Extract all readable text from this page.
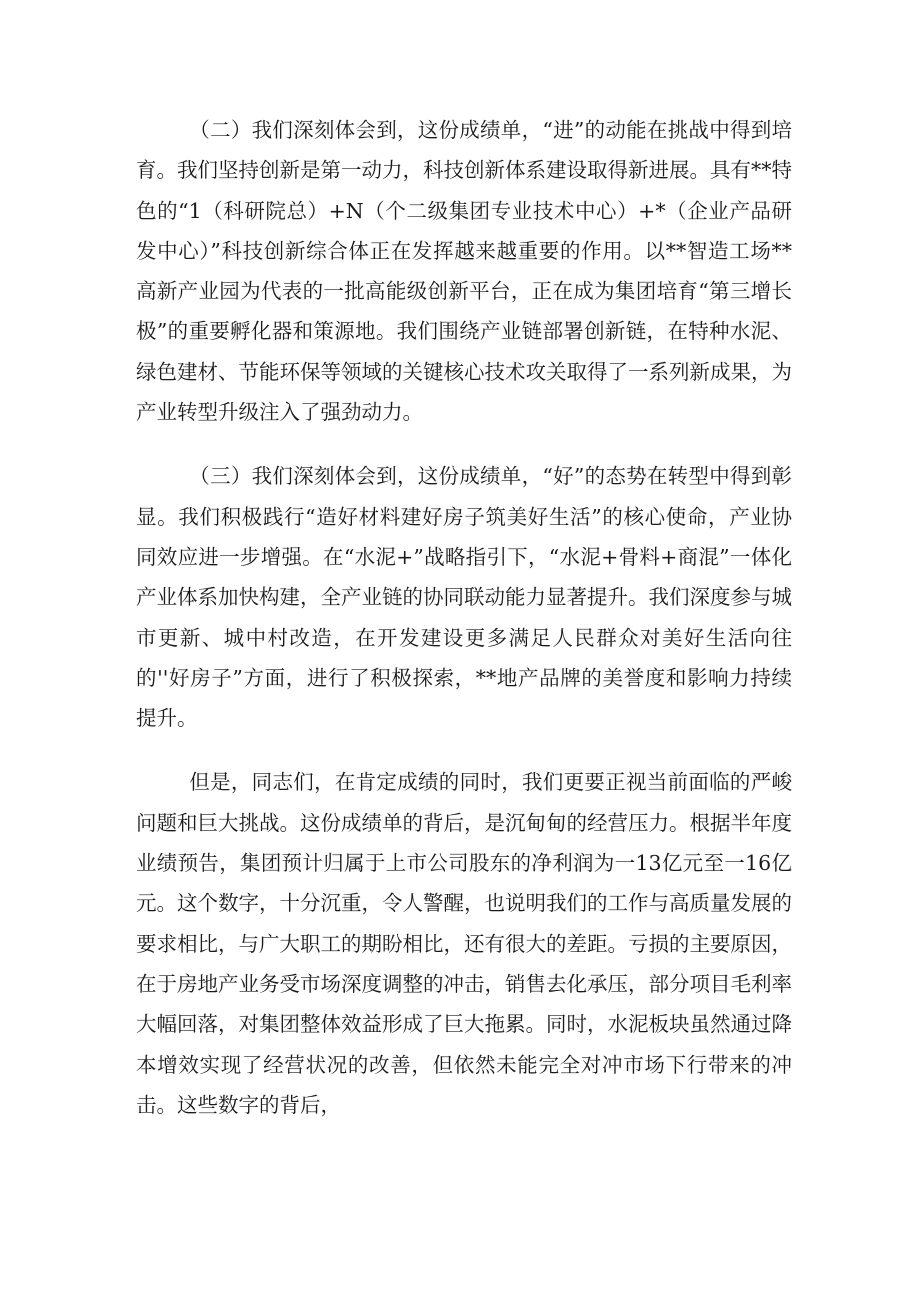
（二）我们深刻体会到，这份成绩单，“进”的动能在挑战中得到培育。我们坚持创新是第一动力，科技创新体系建设取得新进展。具有**特色的“1（科研院总）+N（个二级集团专业技术中心）+*（企业产品研发中心）”科技创新综合体正在发挥越来越重要的作用。以**智造工场**高新产业园为代表的一批高能级创新平台，正在成为集团培育“第三增长极”的重要孵化器和策源地。我们围绕产业链部署创新链，在特种水泥、绿色建材、节能环保等领域的关键核心技术攻关取得了一系列新成果，为产业转型升级注入了强劲动力。

（三）我们深刻体会到，这份成绩单，“好”的态势在转型中得到彰显。我们积极践行“造好材料建好房子筑美好生活”的核心使命，产业协同效应进一步增强。在“水泥+”战略指引下，“水泥+骨料+商混”一体化产业体系加快构建，全产业链的协同联动能力显著提升。我们深度参与城市更新、城中村改造，在开发建设更多满足人民群众对美好生活向往的''好房子”方面，进行了积极探索，**地产品牌的美誉度和影响力持续提升。

但是，同志们，在肯定成绩的同时，我们更要正视当前面临的严峻问题和巨大挑战。这份成绩单的背后，是沉甸甸的经营压力。根据半年度业绩预告，集团预计归属于上市公司股东的净利润为一13亿元至一16亿元。这个数字，十分沉重，令人警醒，也说明我们的工作与高质量发展的要求相比，与广大职工的期盼相比，还有很大的差距。亏损的主要原因，在于房地产业务受市场深度调整的冲击，销售去化承压，部分项目毛利率大幅回落，对集团整体效益形成了巨大拖累。同时，水泥板块虽然通过降本增效实现了经营状况的改善，但依然未能完全对冲市场下行带来的冲击。这些数字的背后，
